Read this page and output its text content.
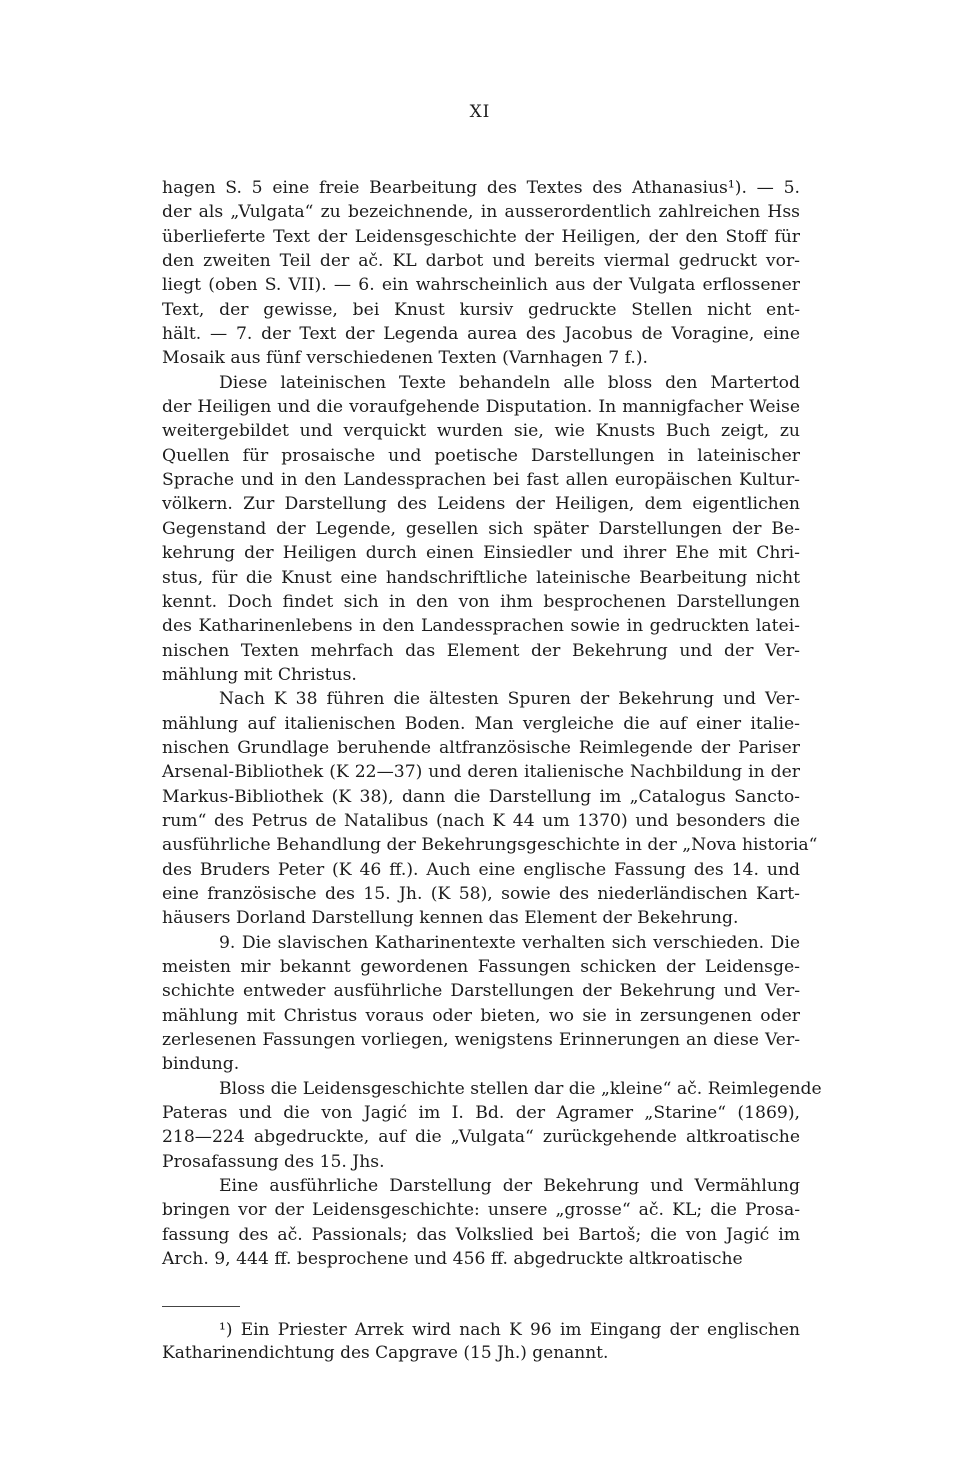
XI
hagen S. 5 eine freie Bearbeitung des Textes des Athanasius¹). — 5.
der als „Vulgata“ zu bezeichnende, in ausserordentlich zahlreichen Hss
überlieferte Text der Leidensgeschichte der Heiligen, der den Stoff für
den zweiten Teil der ač. KL darbot und bereits viermal gedruckt vor-
liegt (oben S. VII). — 6. ein wahrscheinlich aus der Vulgata erflossener
Text, der gewisse, bei Knust kursiv gedruckte Stellen nicht ent-
hält. — 7. der Text der Legenda aurea des Jacobus de Voragine, eine
Mosaik aus fünf verschiedenen Texten (Varnhagen 7 f.).
Diese lateinischen Texte behandeln alle bloss den Martertod
der Heiligen und die voraufgehende Disputation. In mannigfacher Weise
weitergebildet und verquickt wurden sie, wie Knusts Buch zeigt, zu
Quellen für prosaische und poetische Darstellungen in lateinischer
Sprache und in den Landessprachen bei fast allen europäischen Kultur-
völkern. Zur Darstellung des Leidens der Heiligen, dem eigentlichen
Gegenstand der Legende, gesellen sich später Darstellungen der Be-
kehrung der Heiligen durch einen Einsiedler und ihrer Ehe mit Chri-
stus, für die Knust eine handschriftliche lateinische Bearbeitung nicht
kennt. Doch findet sich in den von ihm besprochenen Darstellungen
des Katharinenlebens in den Landessprachen sowie in gedruckten latei-
nischen Texten mehrfach das Element der Bekehrung und der Ver-
mählung mit Christus.
Nach K 38 führen die ältesten Spuren der Bekehrung und Ver-
mählung auf italienischen Boden. Man vergleiche die auf einer italie-
nischen Grundlage beruhende altfranzösische Reimlegende der Pariser
Arsenal-Bibliothek (K 22—37) und deren italienische Nachbildung in der
Markus-Bibliothek (K 38), dann die Darstellung im „Catalogus Sancto-
rum“ des Petrus de Natalibus (nach K 44 um 1370) und besonders die
ausführliche Behandlung der Bekehrungsgeschichte in der „Nova historia“
des Bruders Peter (K 46 ff.). Auch eine englische Fassung des 14. und
eine französische des 15. Jh. (K 58), sowie des niederländischen Kart-
häusers Dorland Darstellung kennen das Element der Bekehrung.
9. Die slavischen Katharinentexte verhalten sich verschieden. Die
meisten mir bekannt gewordenen Fassungen schicken der Leidensge-
schichte entweder ausführliche Darstellungen der Bekehrung und Ver-
mählung mit Christus voraus oder bieten, wo sie in zersungenen oder
zerlesenen Fassungen vorliegen, wenigstens Erinnerungen an diese Ver-
bindung.
Bloss die Leidensgeschichte stellen dar die „kleine“ ač. Reimlegende
Pateras und die von Jagić im I. Bd. der Agramer „Starine“ (1869),
218—224 abgedruckte, auf die „Vulgata“ zurückgehende altkroatische
Prosafassung des 15. Jhs.
Eine ausführliche Darstellung der Bekehrung und Vermählung
bringen vor der Leidensgeschichte: unsere „grosse“ ač. KL; die Prosa-
fassung des ač. Passionals; das Volkslied bei Bartoš; die von Jagić im
Arch. 9, 444 ff. besprochene und 456 ff. abgedruckte altkroatische
¹) Ein Priester Arrek wird nach K 96 im Eingang der englischen
Katharinendichtung des Capgrave (15 Jh.) genannt.
